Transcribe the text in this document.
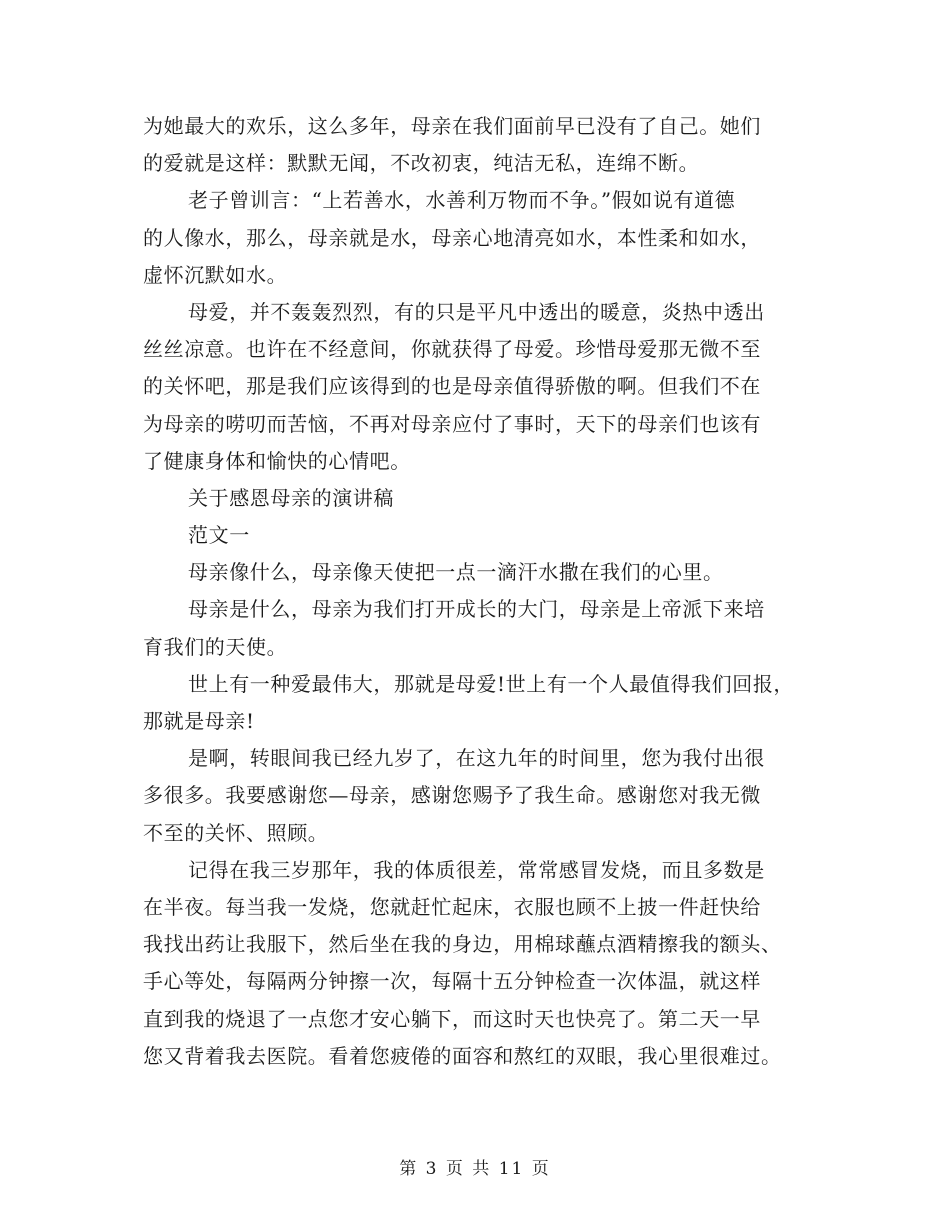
为她最大的欢乐，这么多年，母亲在我们面前早已没有了自己。她们
的爱就是这样：默默无闻，不改初衷，纯洁无私，连绵不断。
老子曾训言：“上若善水，水善利万物而不争。”假如说有道德
的人像水，那么，母亲就是水，母亲心地清亮如水，本性柔和如水，
虚怀沉默如水。
母爱，并不轰轰烈烈，有的只是平凡中透出的暖意，炎热中透出
丝丝凉意。也许在不经意间，你就获得了母爱。珍惜母爱那无微不至
的关怀吧，那是我们应该得到的也是母亲值得骄傲的啊。但我们不在
为母亲的唠叨而苦恼，不再对母亲应付了事时，天下的母亲们也该有
了健康身体和愉快的心情吧。
关于感恩母亲的演讲稿
范文一
母亲像什么，母亲像天使把一点一滴汗水撒在我们的心里。
母亲是什么，母亲为我们打开成长的大门，母亲是上帝派下来培
育我们的天使。
世上有一种爱最伟大，那就是母爱!世上有一个人最值得我们回报，
那就是母亲!
是啊，转眼间我已经九岁了，在这九年的时间里，您为我付出很
多很多。我要感谢您—母亲，感谢您赐予了我生命。感谢您对我无微
不至的关怀、照顾。
记得在我三岁那年，我的体质很差，常常感冒发烧，而且多数是
在半夜。每当我一发烧，您就赶忙起床，衣服也顾不上披一件赶快给
我找出药让我服下，然后坐在我的身边，用棉球蘸点酒精擦我的额头、
手心等处，每隔两分钟擦一次，每隔十五分钟检查一次体温，就这样
直到我的烧退了一点您才安心躺下，而这时天也快亮了。第二天一早
您又背着我去医院。看着您疲倦的面容和熬红的双眼，我心里很难过。
第 3 页 共 11 页
